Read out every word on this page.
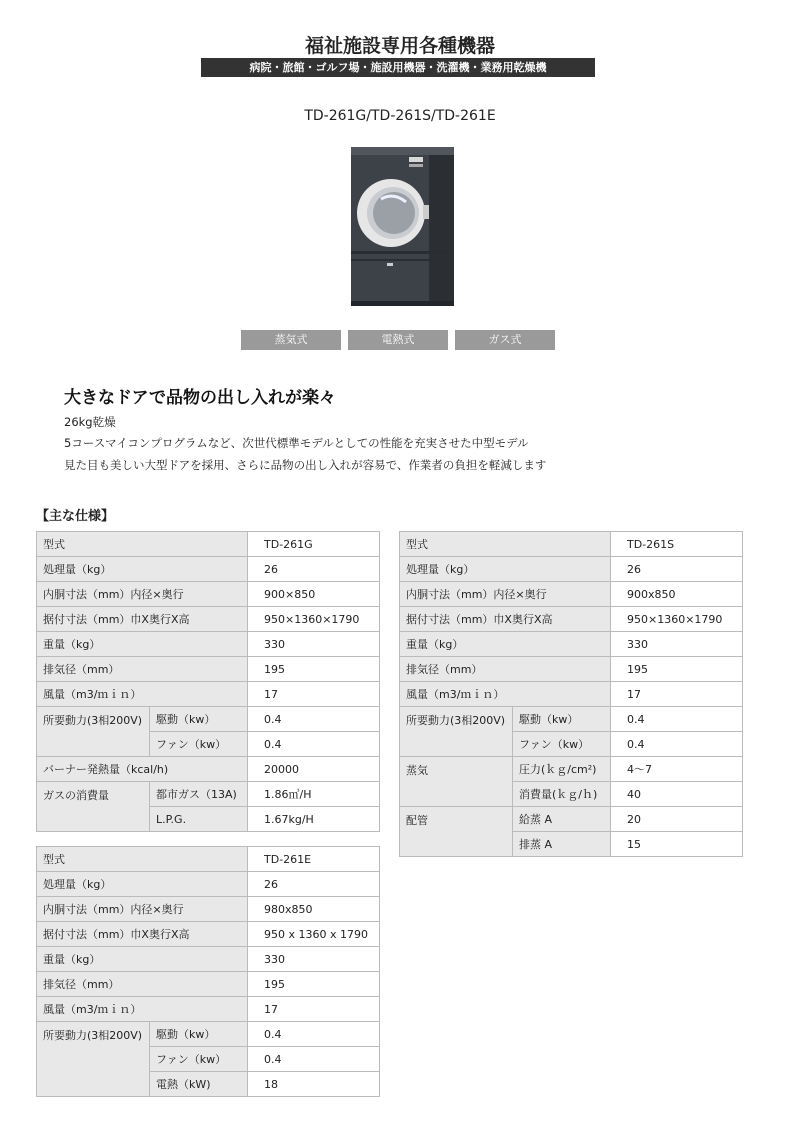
福祉施設専用各種機器
病院・旅館・ゴルフ場・施設用機器・洗濯機・業務用乾燥機
TD-261G/TD-261S/TD-261E
蒸気式	電熱式	ガス式
大きなドアで品物の出し入れが楽々
26kg乾燥
5コースマイコンプログラムなど、次世代標準モデルとしての性能を充実させた中型モデル
見た目も美しい大型ドアを採用、さらに品物の出し入れが容易で、作業者の負担を軽減します
【主な仕様】
型式		TD-261G
処理量（kg）		26
内胴寸法（mm）内径×奥行		900×850
据付寸法（mm）巾X奥行X高		950×1360×1790
重量（kg）		330
排気径（mm）		195
風量（m3/ｍｉｎ）		17
所要動力(3相200V)	駆動（kw）	0.4
	ファン（kw）	0.4
バーナー発熱量（kcal/h)		20000
ガスの消費量	都市ガス（13A)	1.86㎥/H
	L.P.G.	1.67kg/H
型式		TD-261S
処理量（kg）		26
内胴寸法（mm）内径×奥行		900x850
据付寸法（mm）巾X奥行X高		950×1360×1790
重量（kg）		330
排気径（mm）		195
風量（m3/ｍｉｎ）		17
所要動力(3相200V)	駆動（kw）	0.4
	ファン（kw）	0.4
蒸気	圧力(ｋｇ/cm²)	4〜7
	消費量(ｋｇ/ｈ)	40
配管	給蒸 A	20
	排蒸 A	15
型式		TD-261E
処理量（kg）		26
内胴寸法（mm）内径×奥行		980x850
据付寸法（mm）巾X奥行X高		950 x 1360 x 1790
重量（kg）		330
排気径（mm）		195
風量（m3/ｍｉｎ）		17
所要動力(3相200V)	駆動（kw）	0.4
	ファン（kw）	0.4
	電熱（kW)	18
